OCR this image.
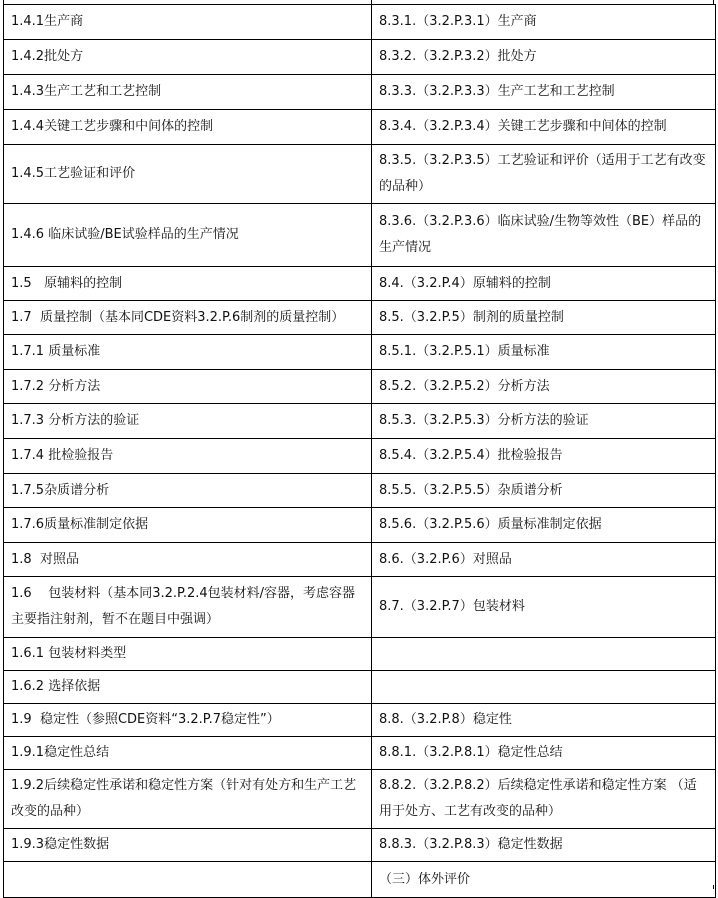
1.4.1生产商	8.3.1.（3.2.P.3.1）生产商
1.4.2批处方	8.3.2.（3.2.P.3.2）批处方
1.4.3生产工艺和工艺控制	8.3.3.（3.2.P.3.3）生产工艺和工艺控制
1.4.4关键工艺步骤和中间体的控制	8.3.4.（3.2.P.3.4）关键工艺步骤和中间体的控制
1.4.5工艺验证和评价	8.3.5.（3.2.P.3.5）工艺验证和评价（适用于工艺有改变的品种）
1.4.6 临床试验/BE试验样品的生产情况	8.3.6.（3.2.P.3.6）临床试验/生物等效性（BE）样品的生产情况
1.5   原辅料的控制	8.4.（3.2.P.4）原辅料的控制
1.7  质量控制（基本同CDE资料3.2.P.6制剂的质量控制）	8.5.（3.2.P.5）制剂的质量控制
1.7.1 质量标准	8.5.1.（3.2.P.5.1）质量标准
1.7.2 分析方法	8.5.2.（3.2.P.5.2）分析方法
1.7.3 分析方法的验证	8.5.3.（3.2.P.5.3）分析方法的验证
1.7.4 批检验报告	8.5.4.（3.2.P.5.4）批检验报告
1.7.5杂质谱分析	8.5.5.（3.2.P.5.5）杂质谱分析
1.7.6质量标准制定依据	8.5.6.（3.2.P.5.6）质量标准制定依据
1.8  对照品	8.6.（3.2.P.6）对照品
1.6    包装材料（基本同3.2.P.2.4包装材料/容器，考虑容器主要指注射剂，暂不在题目中强调）	8.7.（3.2.P.7）包装材料
1.6.1 包装材料类型	
1.6.2 选择依据	
1.9  稳定性（参照CDE资料“3.2.P.7稳定性”）	8.8.（3.2.P.8）稳定性
1.9.1稳定性总结	8.8.1.（3.2.P.8.1）稳定性总结
1.9.2后续稳定性承诺和稳定性方案（针对有处方和生产工艺改变的品种）	8.8.2.（3.2.P.8.2）后续稳定性承诺和稳定性方案 （适用于处方、工艺有改变的品种）
1.9.3稳定性数据	8.8.3.（3.2.P.8.3）稳定性数据
	（三）体外评价
